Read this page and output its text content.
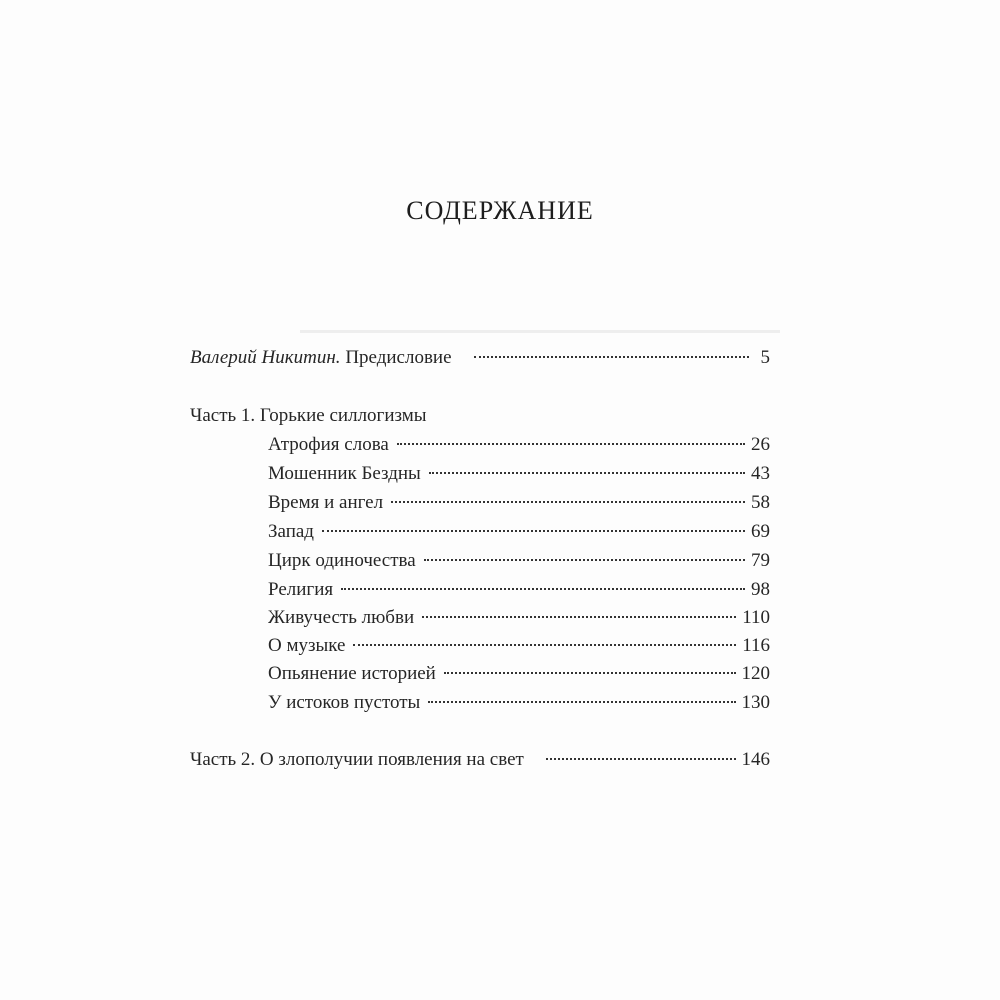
СОДЕРЖАНИЕ
Валерий Никитин. Предисловие	5
Часть 1. Горькие силлогизмы
Атрофия слова	26
Мошенник Бездны	43
Время и ангел	58
Запад	69
Цирк одиночества	79
Религия	98
Живучесть любви	110
О музыке	116
Опьянение историей	120
У истоков пустоты	130
Часть 2. О злополучии появления на свет	146
